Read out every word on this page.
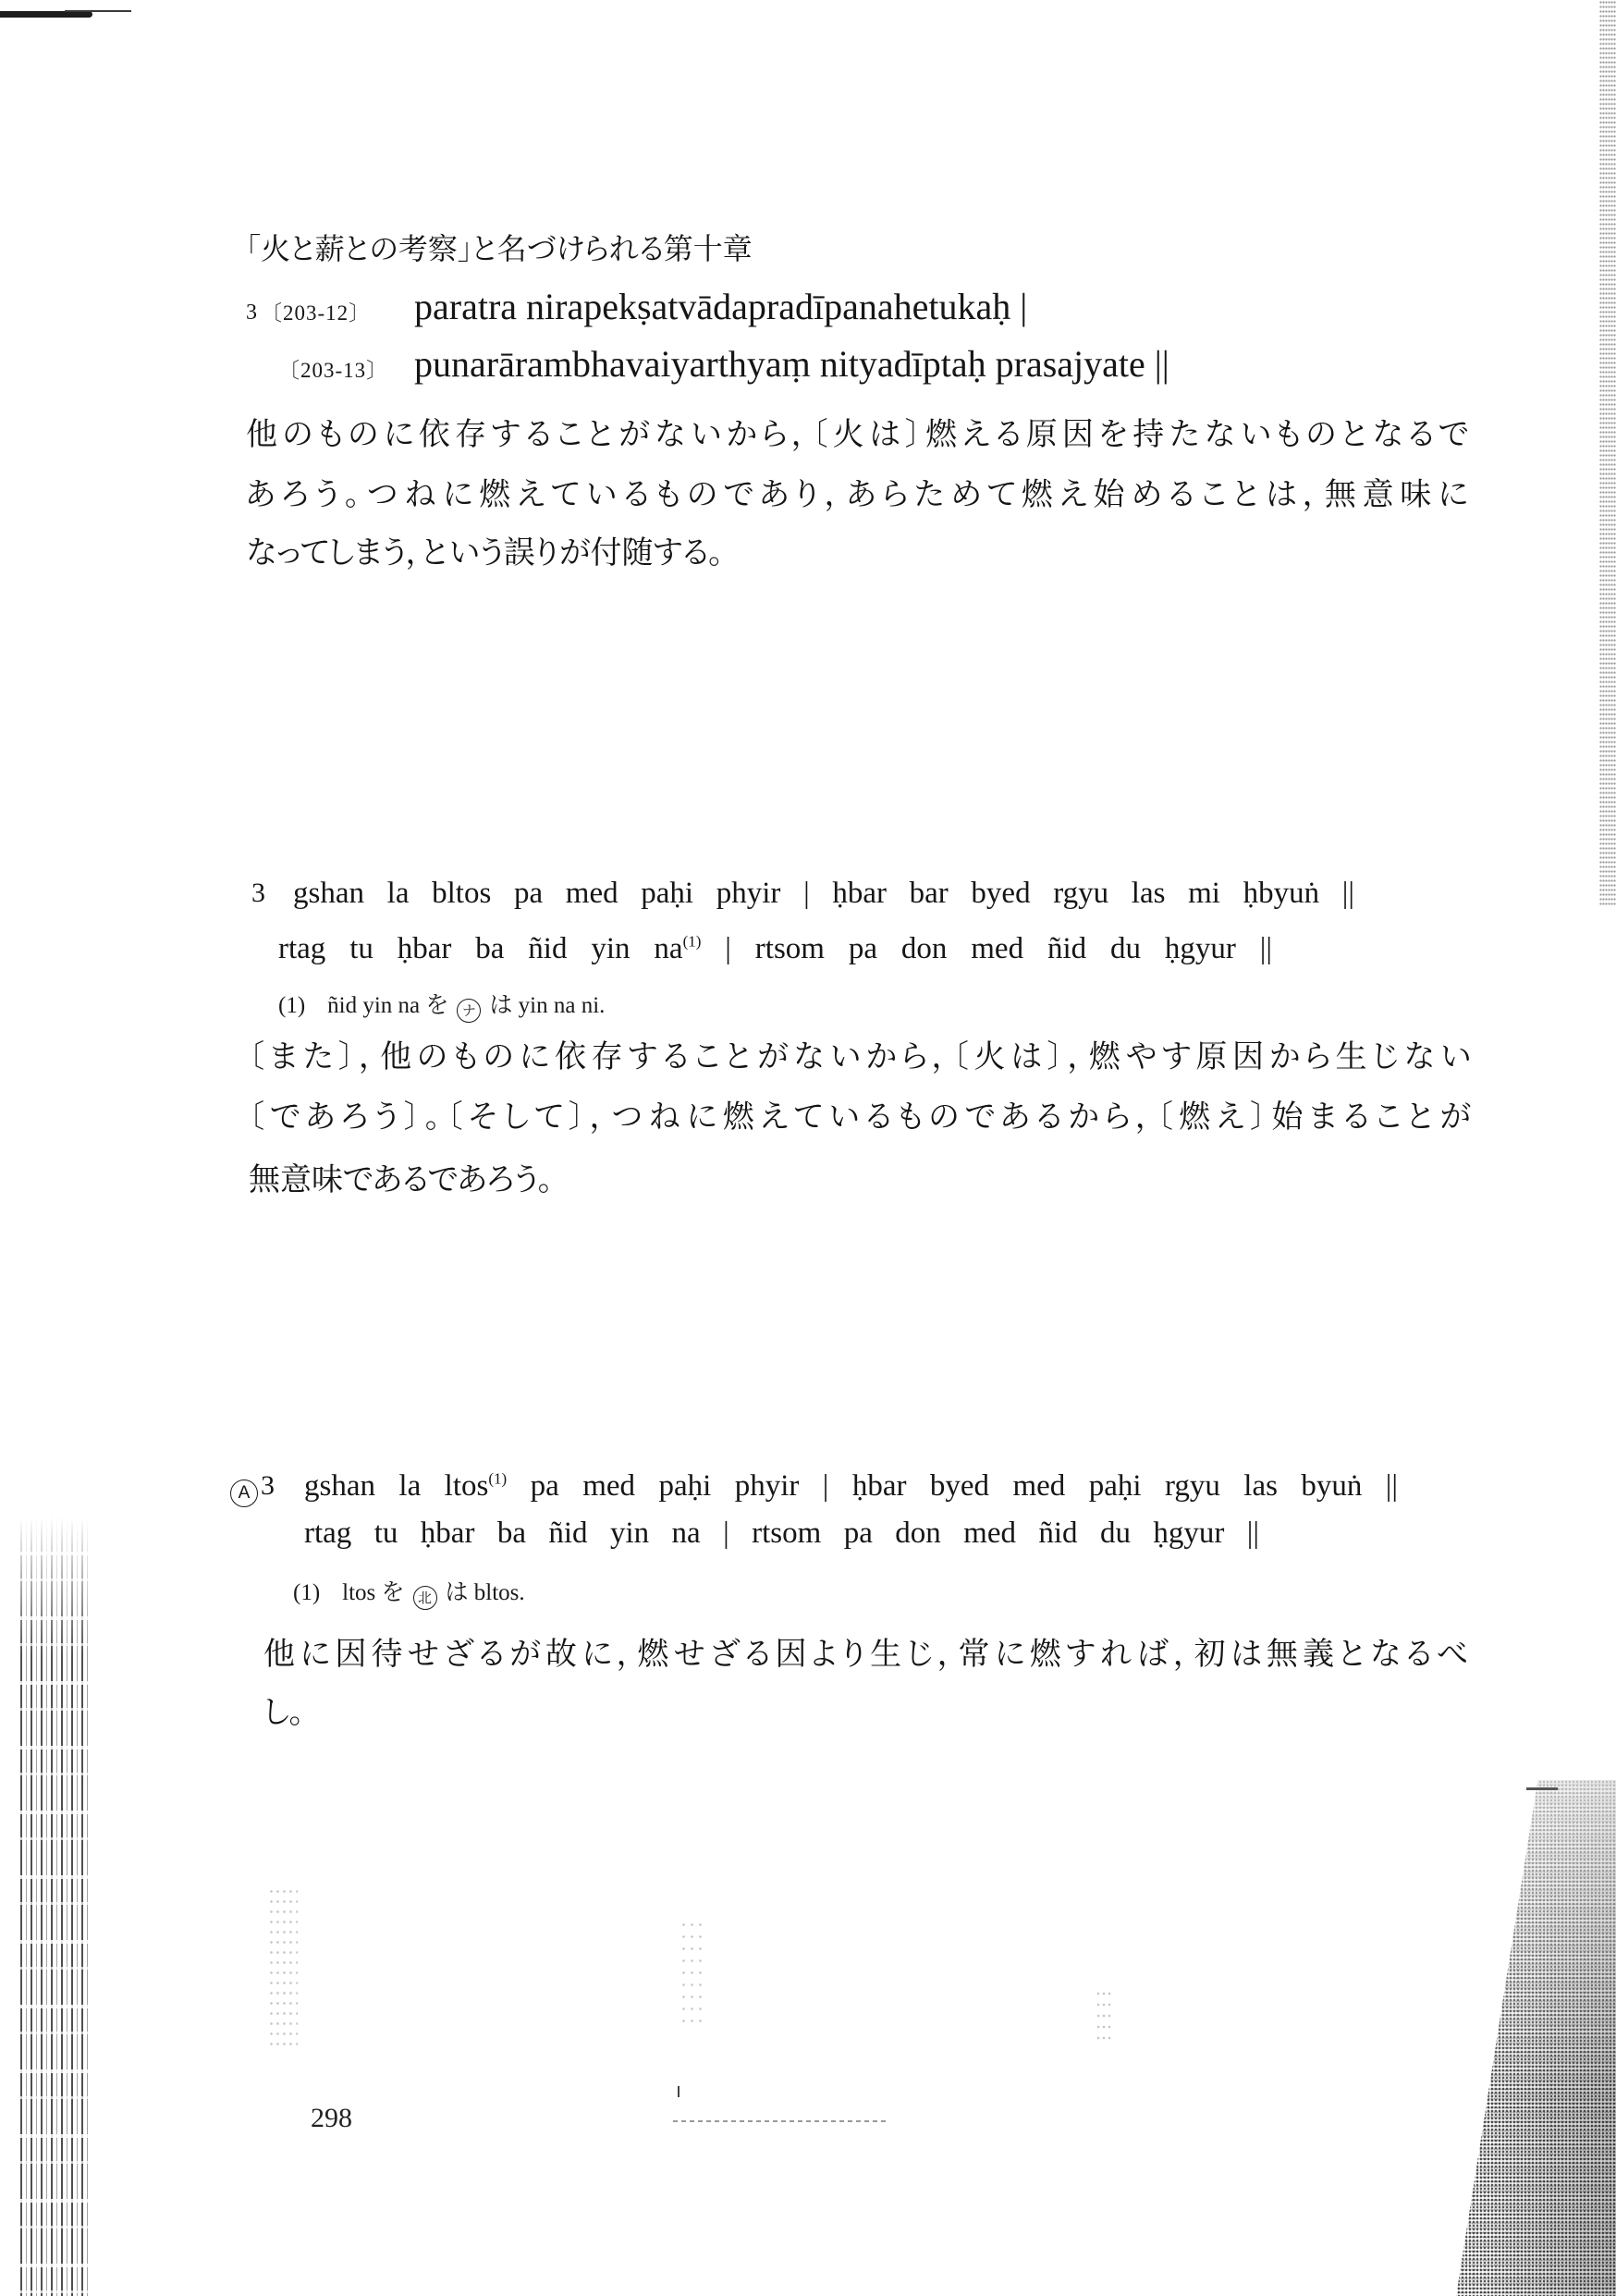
「火と薪との考察」と名づけられる第十章
3 〔203-12〕 paratra nirapekṣatvādapradīpanahetukaḥ |
〔203-13〕 punarārambhavaiyarthyaṃ nityadīptaḥ prasajyate ||
他のものに依存することがないから，〔火は〕燃える原因を持たないものとなるで
あろう。つねに燃えているものであり，あらためて燃え始めることは，無意味に
なってしまう，という誤りが付随する。
3 gshan la bltos pa med paḥi phyir | ḥbar bar byed rgyu las mi ḥbyuṅ ||
rtag tu ḥbar ba ñid yin na$^{(1)}$ | rtsom pa don med ñid du ḥgyur ||
(1) ñid yin na を ナ は yin na ni.
〔また〕，他のものに依存することがないから，〔火は〕，燃やす原因から生じない
〔であろう〕。〔そして〕，つねに燃えているものであるから，〔燃え〕始まることが
無意味であるであろう。
A 3 gshan la ltos$^{(1)}$ pa med paḥi phyir | ḥbar byed med paḥi rgyu las byuṅ ||
rtag tu ḥbar ba ñid yin na | rtsom pa don med ñid du ḥgyur ||
(1) ltos を 北 は bltos.
他に因待せざるが故に，燃せざる因より生じ，常に燃すれば，初は無義となるべ
し。
298
